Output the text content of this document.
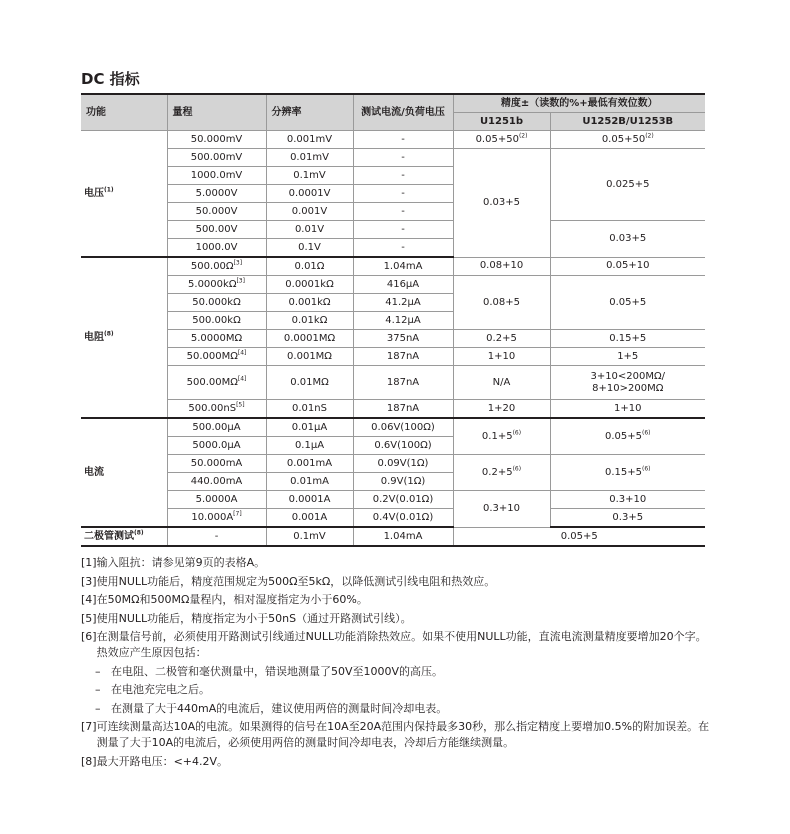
DC 指标
功能	量程	分辨率	测试电流/负荷电压	精度±（读数的%+最低有效位数）	
				U1251b	U1252B/U1253B
电压$^{(1)}$	50.000mV	0.001mV	-	$0.05+50^{(2)}$	$0.05+50^{(2)}$
	500.00mV	0.01mV	-	0.03+5	0.025+5
	1000.0mV	0.1mV	-		
	5.0000V	0.0001V	-		
	50.000V	0.001V	-		
	500.00V	0.01V	-		0.03+5
	1000.0V	0.1V	-		
电阻$^{(8)}$	500.00Ω[3]	0.01Ω	1.04mA	0.08+10	0.05+10
	5.0000kΩ[3]	0.0001kΩ	416μA	0.08+5	0.05+5
	50.000kΩ	0.001kΩ	41.2μA		
	500.00kΩ	0.01kΩ	4.12μA		
	5.0000MΩ	0.0001MΩ	375nA	0.2+5	0.15+5
	50.000MΩ[4]	0.001MΩ	187nA	1+10	1+5
	500.00MΩ[4]	0.01MΩ	187nA	N/A	3+10<200MΩ/
8+10>200MΩ
	500.00nS[5]	0.01nS	187nA	1+20	1+10
电流	500.00μA	0.01μA	0.06V(100Ω)	$0.1+5^{(6)}$	$0.05+5^{(6)}$
	5000.0μA	0.1μA	0.6V(100Ω)		
	50.000mA	0.001mA	0.09V(1Ω)	$0.2+5^{(6)}$	$0.15+5^{(6)}$
	440.00mA	0.01mA	0.9V(1Ω)		
	5.0000A	0.0001A	0.2V(0.01Ω)	0.3+10	0.3+10
	10.000A[7]	0.001A	0.4V(0.01Ω)		0.3+5
二极管测试$^{(8)}$	-	0.1mV	1.04mA	0.05+5	
[1] 输入阻抗：请参见第9页的表格A。
[3] 使用NULL功能后，精度范围规定为500Ω至5kΩ，以降低测试引线电阻和热效应。
[4] 在50MΩ和500MΩ量程内，相对湿度指定为小于60%。
[5] 使用NULL功能后，精度指定为小于50nS（通过开路测试引线）。
[6] 在测量信号前，必须使用开路测试引线通过NULL功能消除热效应。如果不使用NULL功能，直流电流测量精度要增加20个字。热效应产生原因包括：
– 在电阻、二极管和毫伏测量中，错误地测量了50V至1000V的高压。
– 在电池充完电之后。
– 在测量了大于440mA的电流后，建议使用两倍的测量时间冷却电表。
[7] 可连续测量高达10A的电流。如果测得的信号在10A至20A范围内保持最多30秒，那么指定精度上要增加0.5%的附加误差。在测量了大于10A的电流后，必须使用两倍的测量时间冷却电表，冷却后方能继续测量。
[8] 最大开路电压：<+4.2V。
